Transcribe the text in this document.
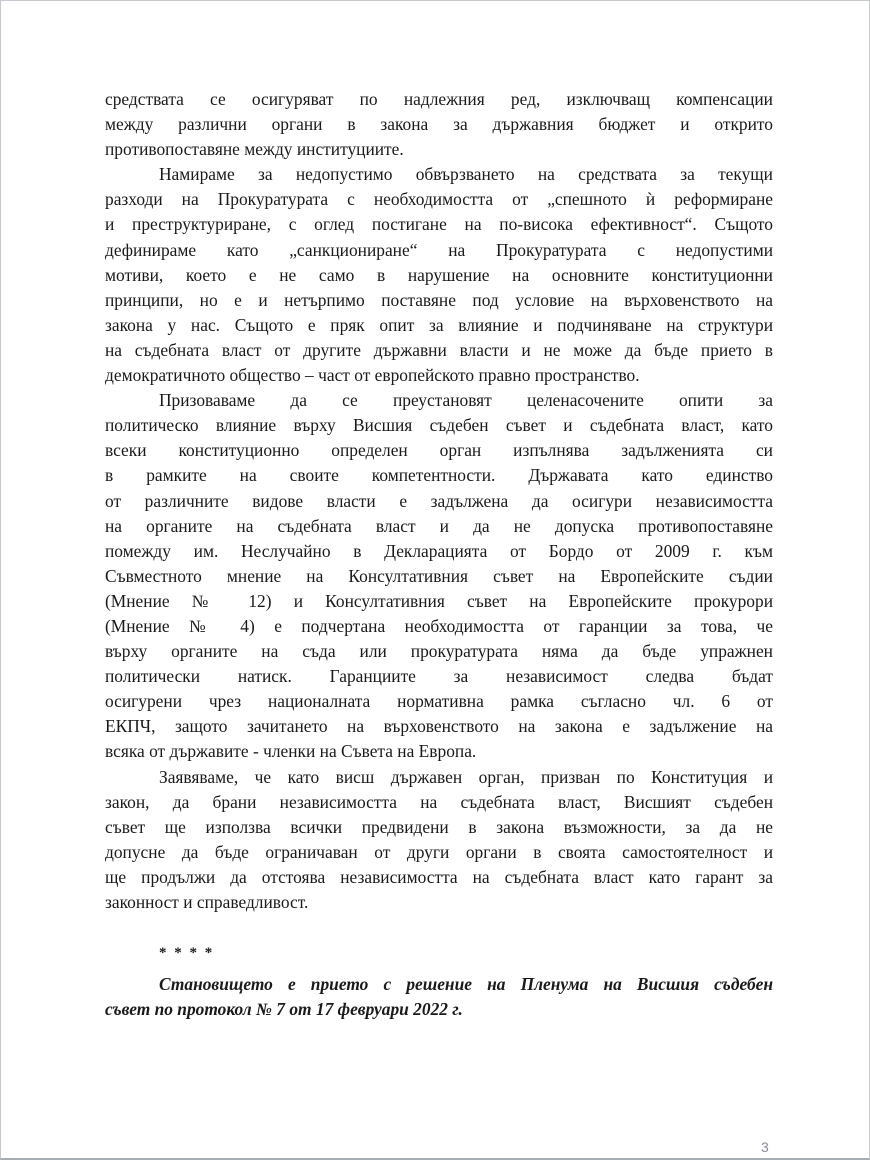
средствата се осигуряват по надлежния ред, изключващ компенсации
между различни органи в закона за държавния бюджет и открито
противопоставяне между институциите.

Намираме за недопустимо обвързването на средствата за текущи
разходи на Прокуратурата с необходимостта от „спешното ѝ реформиране
и преструктуриране, с оглед постигане на по-висока ефективност“. Същото
дефинираме като „санкциониране“ на Прокуратурата с недопустими
мотиви, което е не само в нарушение на основните конституционни
принципи, но е и нетърпимо поставяне под условие на върховенството на
закона у нас. Същото е пряк опит за влияние и подчиняване на структури
на съдебната власт от другите държавни власти и не може да бъде прието в
демократичното общество – част от европейското правно пространство.

Призоваваме да се преустановят целенасочените опити за
политическо влияние върху Висшия съдебен съвет и съдебната власт, като
всеки конституционно определен орган изпълнява задълженията си
в рамките на своите компетентности. Държавата като единство
от различните видове власти е задължена да осигури независимостта
на органите на съдебната власт и да не допуска противопоставяне
помежду им. Неслучайно в Декларацията от Бордо от 2009 г. към
Съвместното мнение на Консултативния съвет на Европейските съдии
(Мнение № 12) и Консултативния съвет на Европейските прокурори
(Мнение № 4) е подчертана необходимостта от гаранции за това, че
върху органите на съда или прокуратурата няма да бъде упражнен
политически натиск. Гаранциите за независимост следва бъдат
осигурени чрез националната нормативна рамка съгласно чл. 6 от
ЕКПЧ, защото зачитането на върховенството на закона е задължение на
всяка от държавите - членки на Съвета на Европа.

Заявяваме, че като висш държавен орган, призван по Конституция и
закон, да брани независимостта на съдебната власт, Висшият съдебен
съвет ще използва всички предвидени в закона възможности, за да не
допусне да бъде ограничаван от други органи в своята самостоятелност и
ще продължи да отстоява независимостта на съдебната власт като гарант за
законност и справедливост.

* * * *

Становището е прието с решение на Пленума на Висшия съдебен
съвет по протокол № 7 от 17 февруари 2022 г.

3
